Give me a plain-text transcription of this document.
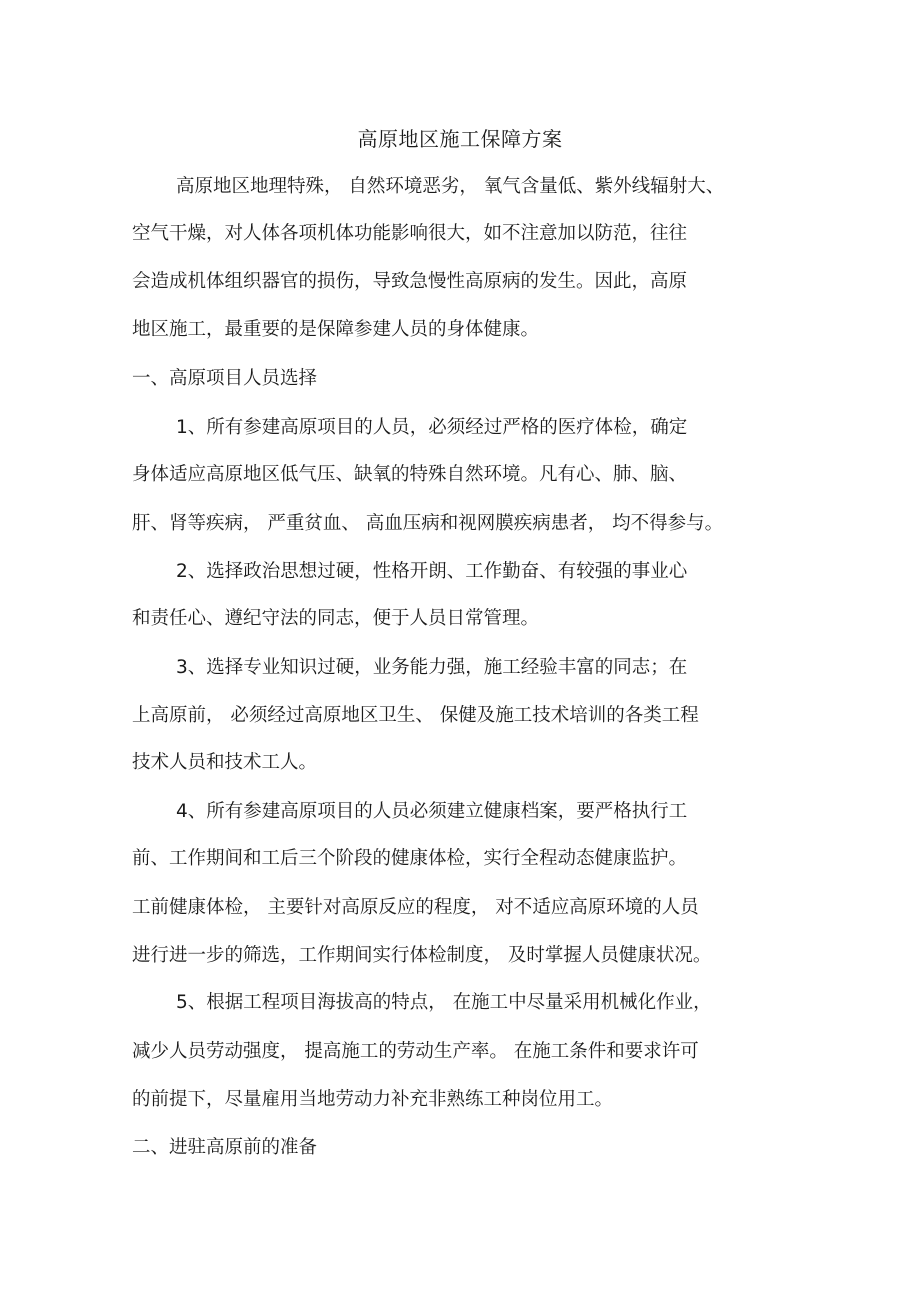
高原地区施工保障方案
高原地区地理特殊， 自然环境恶劣， 氧气含量低、紫外线辐射大、
空气干燥，对人体各项机体功能影响很大，如不注意加以防范，往往
会造成机体组织器官的损伤，导致急慢性高原病的发生。因此，高原
地区施工，最重要的是保障参建人员的身体健康。
一、高原项目人员选择
1、所有参建高原项目的人员，必须经过严格的医疗体检，确定
身体适应高原地区低气压、缺氧的特殊自然环境。凡有心、肺、脑、
肝、肾等疾病， 严重贫血、 高血压病和视网膜疾病患者， 均不得参与。
2、选择政治思想过硬，性格开朗、工作勤奋、有较强的事业心
和责任心、遵纪守法的同志，便于人员日常管理。
3、选择专业知识过硬，业务能力强，施工经验丰富的同志；在
上高原前， 必须经过高原地区卫生、 保健及施工技术培训的各类工程
技术人员和技术工人。
4、所有参建高原项目的人员必须建立健康档案，要严格执行工
前、工作期间和工后三个阶段的健康体检，实行全程动态健康监护。
工前健康体检， 主要针对高原反应的程度， 对不适应高原环境的人员
进行进一步的筛选，工作期间实行体检制度， 及时掌握人员健康状况。
5、根据工程项目海拔高的特点， 在施工中尽量采用机械化作业，
减少人员劳动强度， 提高施工的劳动生产率。 在施工条件和要求许可
的前提下，尽量雇用当地劳动力补充非熟练工种岗位用工。
二、进驻高原前的准备
